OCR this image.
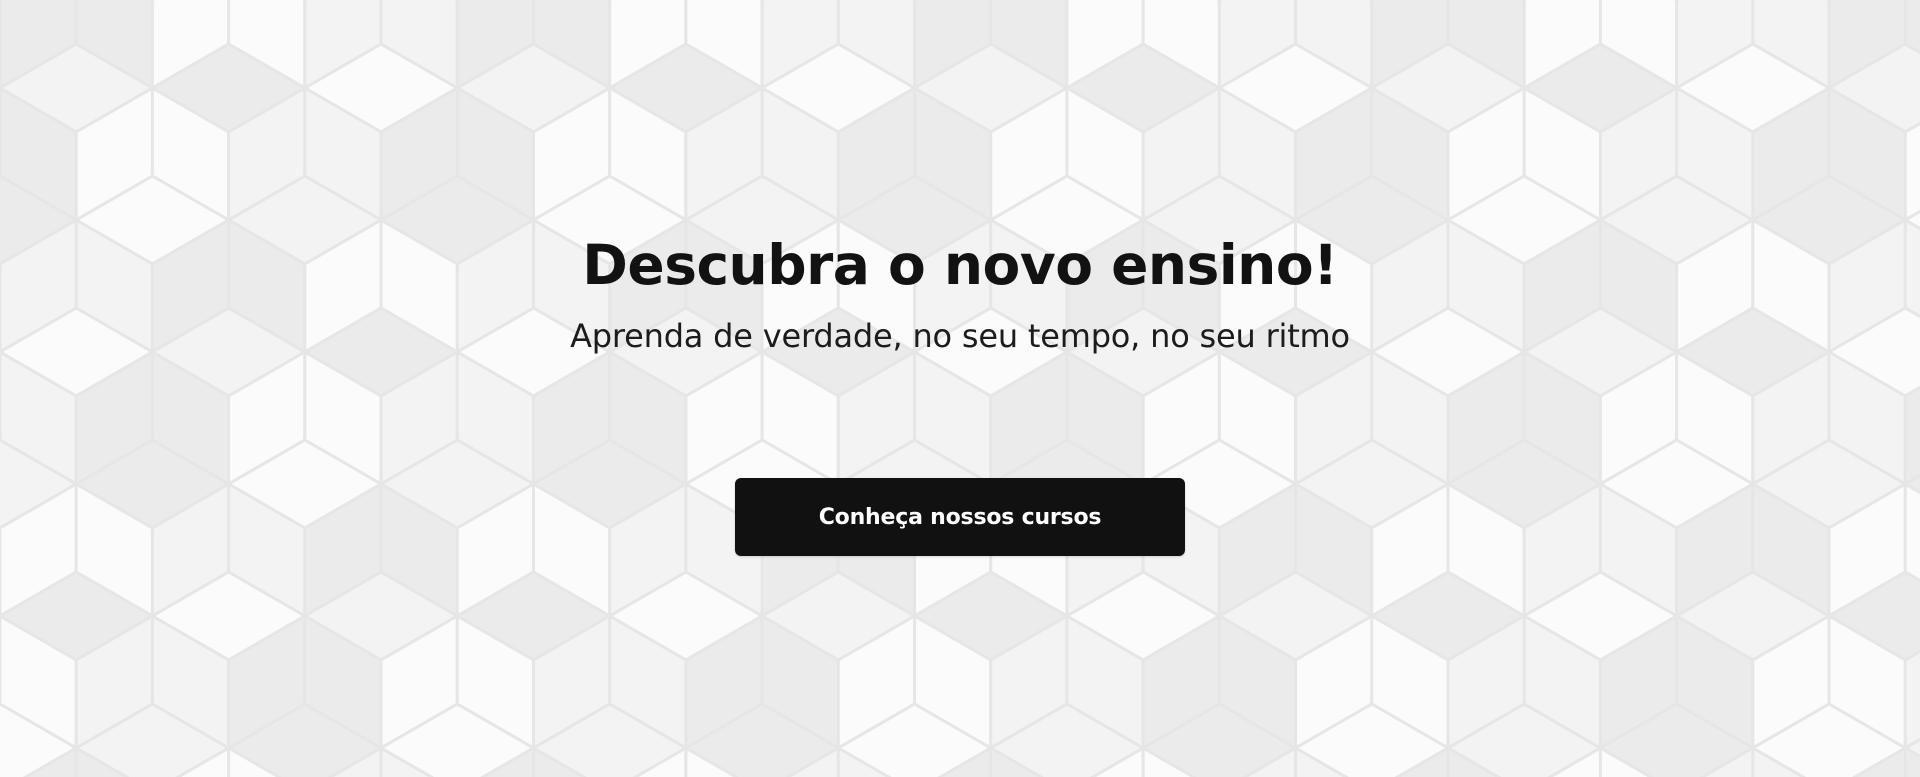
Descubra o novo ensino!

Aprenda de verdade, no seu tempo, no seu ritmo

Conheça nossos cursos
